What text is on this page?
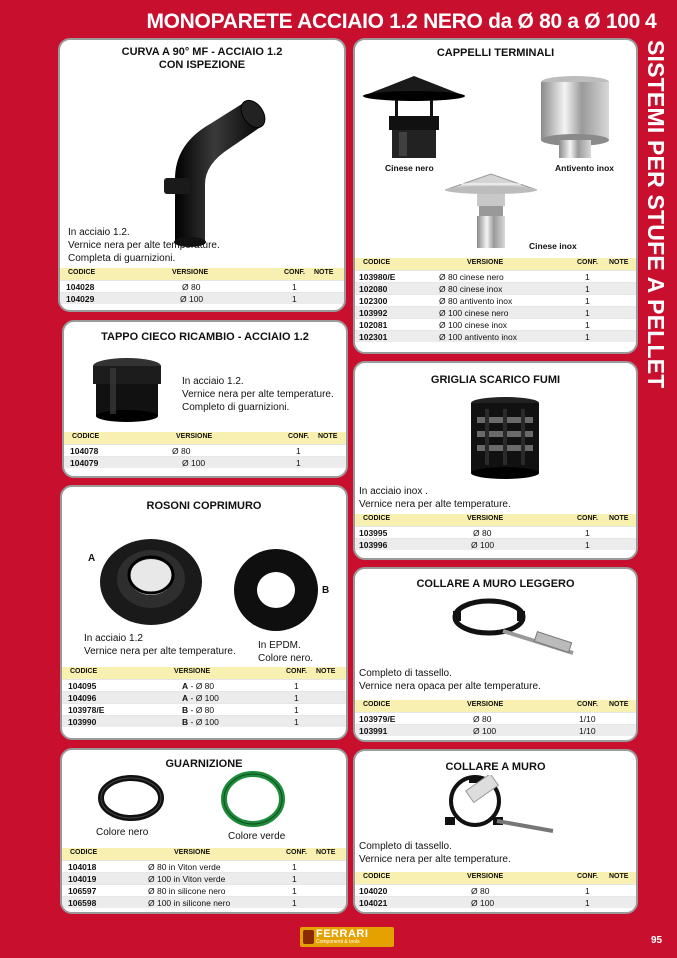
MONOPARETE ACCIAIO 1.2 NERO da Ø 80 a Ø 100 4
SISTEMI PER STUFE A PELLET
CURVA A 90° MF - ACCIAIO 1.2 CON ISPEZIONE
In acciaio 1.2.
Vernice nera per alte temperature.
Completa di guarnizioni.
CODICE	VERSIONE	CONF. NOTE
104028	Ø 80	1
104029	Ø 100	1
TAPPO CIECO RICAMBIO - ACCIAIO 1.2
In acciaio 1.2.
Vernice nera per alte temperature.
Completo di guarnizioni.
CODICE	VERSIONE	CONF. NOTE
104078	Ø 80	1
104079	Ø 100	1
ROSONI COPRIMURO
A
B
In acciaio 1.2
Vernice nera per alte temperature.
In EPDM.
Colore nero.
CODICE	VERSIONE	CONF. NOTE
104095	A - Ø 80	1
104096	A - Ø 100	1
103978/E	B - Ø 80	1
103990	B - Ø 100	1
GUARNIZIONE
Colore nero	Colore verde
CODICE	VERSIONE	CONF. NOTE
104018	Ø 80 in Viton verde	1
104019	Ø 100 in Viton verde	1
106597	Ø 80 in silicone nero	1
106598	Ø 100 in silicone nero	1
CAPPELLI TERMINALI
Cinese nero	Antivento inox
Cinese inox
CODICE	VERSIONE	CONF. NOTE
103980/E	Ø 80 cinese nero	1
102080	Ø 80 cinese inox	1
102300	Ø 80 antivento inox	1
103992	Ø 100 cinese nero	1
102081	Ø 100 cinese inox	1
102301	Ø 100 antivento inox	1
GRIGLIA SCARICO FUMI
In acciaio inox .
Vernice nera per alte temperature.
CODICE	VERSIONE	CONF. NOTE
103995	Ø 80	1
103996	Ø 100	1
COLLARE A MURO LEGGERO
Completo di tassello.
Vernice nera opaca per alte temperature.
CODICE	VERSIONE	CONF. NOTE
103979/E	Ø 80	1/10
103991	Ø 100	1/10
COLLARE A MURO
Completo di tassello.
Vernice nera per alte temperature.
CODICE	VERSIONE	CONF. NOTE
104020	Ø 80	1
104021	Ø 100	1
FERRARI
Componenti & tools	95
